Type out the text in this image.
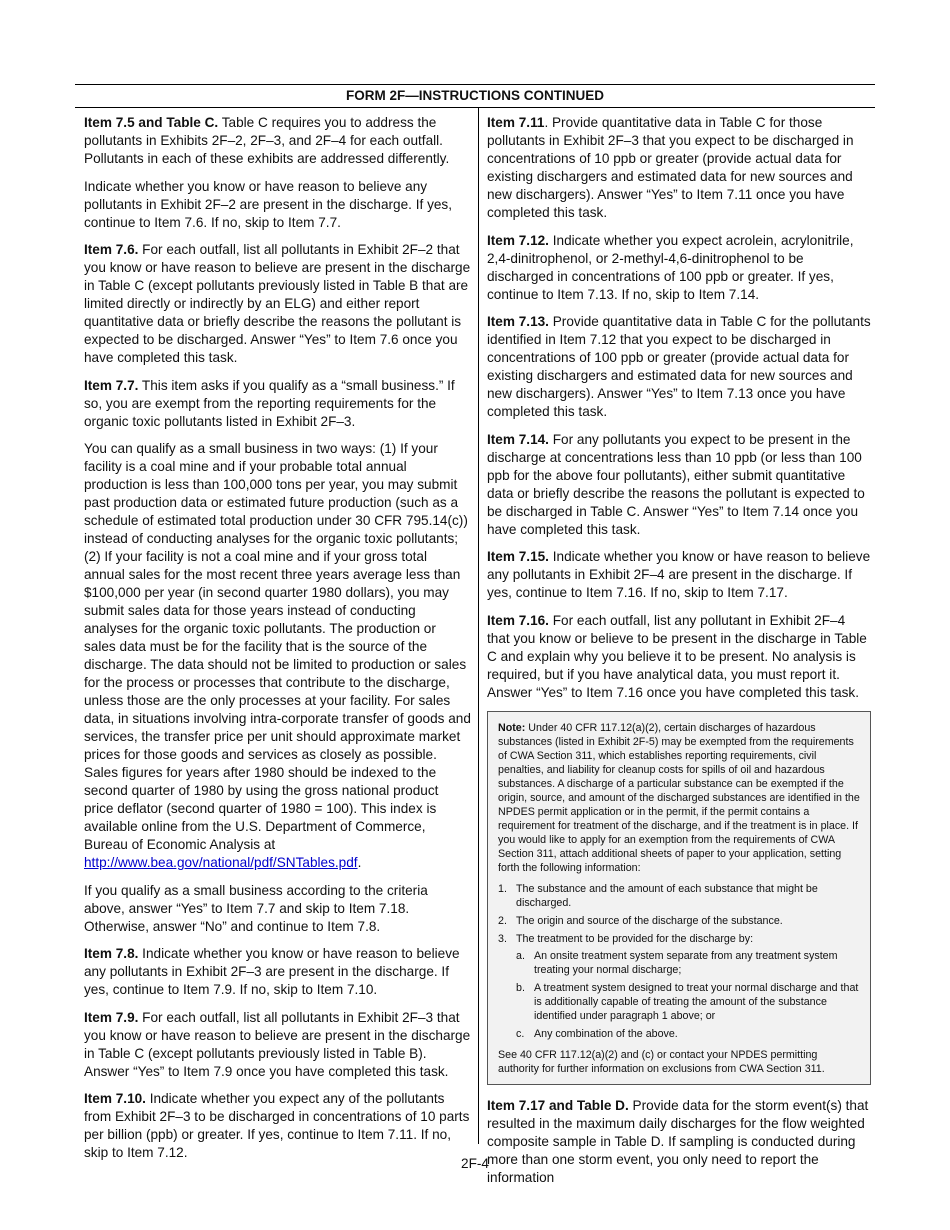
FORM 2F—INSTRUCTIONS CONTINUED

Item 7.5 and Table C. Table C requires you to address the pollutants in Exhibits 2F–2, 2F–3, and 2F–4 for each outfall. Pollutants in each of these exhibits are addressed differently.

Indicate whether you know or have reason to believe any pollutants in Exhibit 2F–2 are present in the discharge. If yes, continue to Item 7.6. If no, skip to Item 7.7.

Item 7.6. For each outfall, list all pollutants in Exhibit 2F–2 that you know or have reason to believe are present in the discharge in Table C (except pollutants previously listed in Table B that are limited directly or indirectly by an ELG) and either report quantitative data or briefly describe the reasons the pollutant is expected to be discharged. Answer “Yes” to Item 7.6 once you have completed this task.

Item 7.7. This item asks if you qualify as a “small business.” If so, you are exempt from the reporting requirements for the organic toxic pollutants listed in Exhibit 2F–3.

You can qualify as a small business in two ways: (1) If your facility is a coal mine and if your probable total annual production is less than 100,000 tons per year, you may submit past production data or estimated future production (such as a schedule of estimated total production under 30 CFR 795.14(c)) instead of conducting analyses for the organic toxic pollutants; (2) If your facility is not a coal mine and if your gross total annual sales for the most recent three years average less than $100,000 per year (in second quarter 1980 dollars), you may submit sales data for those years instead of conducting analyses for the organic toxic pollutants. The production or sales data must be for the facility that is the source of the discharge. The data should not be limited to production or sales for the process or processes that contribute to the discharge, unless those are the only processes at your facility. For sales data, in situations involving intra-corporate transfer of goods and services, the transfer price per unit should approximate market prices for those goods and services as closely as possible. Sales figures for years after 1980 should be indexed to the second quarter of 1980 by using the gross national product price deflator (second quarter of 1980 = 100). This index is available online from the U.S. Department of Commerce, Bureau of Economic Analysis at http://www.bea.gov/national/pdf/SNTables.pdf.

If you qualify as a small business according to the criteria above, answer “Yes” to Item 7.7 and skip to Item 7.18. Otherwise, answer “No” and continue to Item 7.8.

Item 7.8. Indicate whether you know or have reason to believe any pollutants in Exhibit 2F–3 are present in the discharge. If yes, continue to Item 7.9. If no, skip to Item 7.10.

Item 7.9. For each outfall, list all pollutants in Exhibit 2F–3 that you know or have reason to believe are present in the discharge in Table C (except pollutants previously listed in Table B). Answer “Yes” to Item 7.9 once you have completed this task.

Item 7.10. Indicate whether you expect any of the pollutants from Exhibit 2F–3 to be discharged in concentrations of 10 parts per billion (ppb) or greater. If yes, continue to Item 7.11. If no, skip to Item 7.12.

Item 7.11. Provide quantitative data in Table C for those pollutants in Exhibit 2F–3 that you expect to be discharged in concentrations of 10 ppb or greater (provide actual data for existing dischargers and estimated data for new sources and new dischargers). Answer “Yes” to Item 7.11 once you have completed this task.

Item 7.12. Indicate whether you expect acrolein, acrylonitrile, 2,4-dinitrophenol, or 2-methyl-4,6-dinitrophenol to be discharged in concentrations of 100 ppb or greater. If yes, continue to Item 7.13. If no, skip to Item 7.14.

Item 7.13. Provide quantitative data in Table C for the pollutants identified in Item 7.12 that you expect to be discharged in concentrations of 100 ppb or greater (provide actual data for existing dischargers and estimated data for new sources and new dischargers). Answer “Yes” to Item 7.13 once you have completed this task.

Item 7.14. For any pollutants you expect to be present in the discharge at concentrations less than 10 ppb (or less than 100 ppb for the above four pollutants), either submit quantitative data or briefly describe the reasons the pollutant is expected to be discharged in Table C. Answer “Yes” to Item 7.14 once you have completed this task.

Item 7.15. Indicate whether you know or have reason to believe any pollutants in Exhibit 2F–4 are present in the discharge. If yes, continue to Item 7.16. If no, skip to Item 7.17.

Item 7.16. For each outfall, list any pollutant in Exhibit 2F–4 that you know or believe to be present in the discharge in Table C and explain why you believe it to be present. No analysis is required, but if you have analytical data, you must report it. Answer “Yes” to Item 7.16 once you have completed this task.

Note: Under 40 CFR 117.12(a)(2), certain discharges of hazardous substances (listed in Exhibit 2F-5) may be exempted from the requirements of CWA Section 311, which establishes reporting requirements, civil penalties, and liability for cleanup costs for spills of oil and hazardous substances. A discharge of a particular substance can be exempted if the origin, source, and amount of the discharged substances are identified in the NPDES permit application or in the permit, if the permit contains a requirement for treatment of the discharge, and if the treatment is in place. If you would like to apply for an exemption from the requirements of CWA Section 311, attach additional sheets of paper to your application, setting forth the following information:

1. The substance and the amount of each substance that might be discharged.
2. The origin and source of the discharge of the substance.
3. The treatment to be provided for the discharge by:
a. An onsite treatment system separate from any treatment system treating your normal discharge;
b. A treatment system designed to treat your normal discharge and that is additionally capable of treating the amount of the substance identified under paragraph 1 above; or
c. Any combination of the above.

See 40 CFR 117.12(a)(2) and (c) or contact your NPDES permitting authority for further information on exclusions from CWA Section 311.

Item 7.17 and Table D. Provide data for the storm event(s) that resulted in the maximum daily discharges for the flow weighted composite sample in Table D. If sampling is conducted during more than one storm event, you only need to report the information

2F-4
